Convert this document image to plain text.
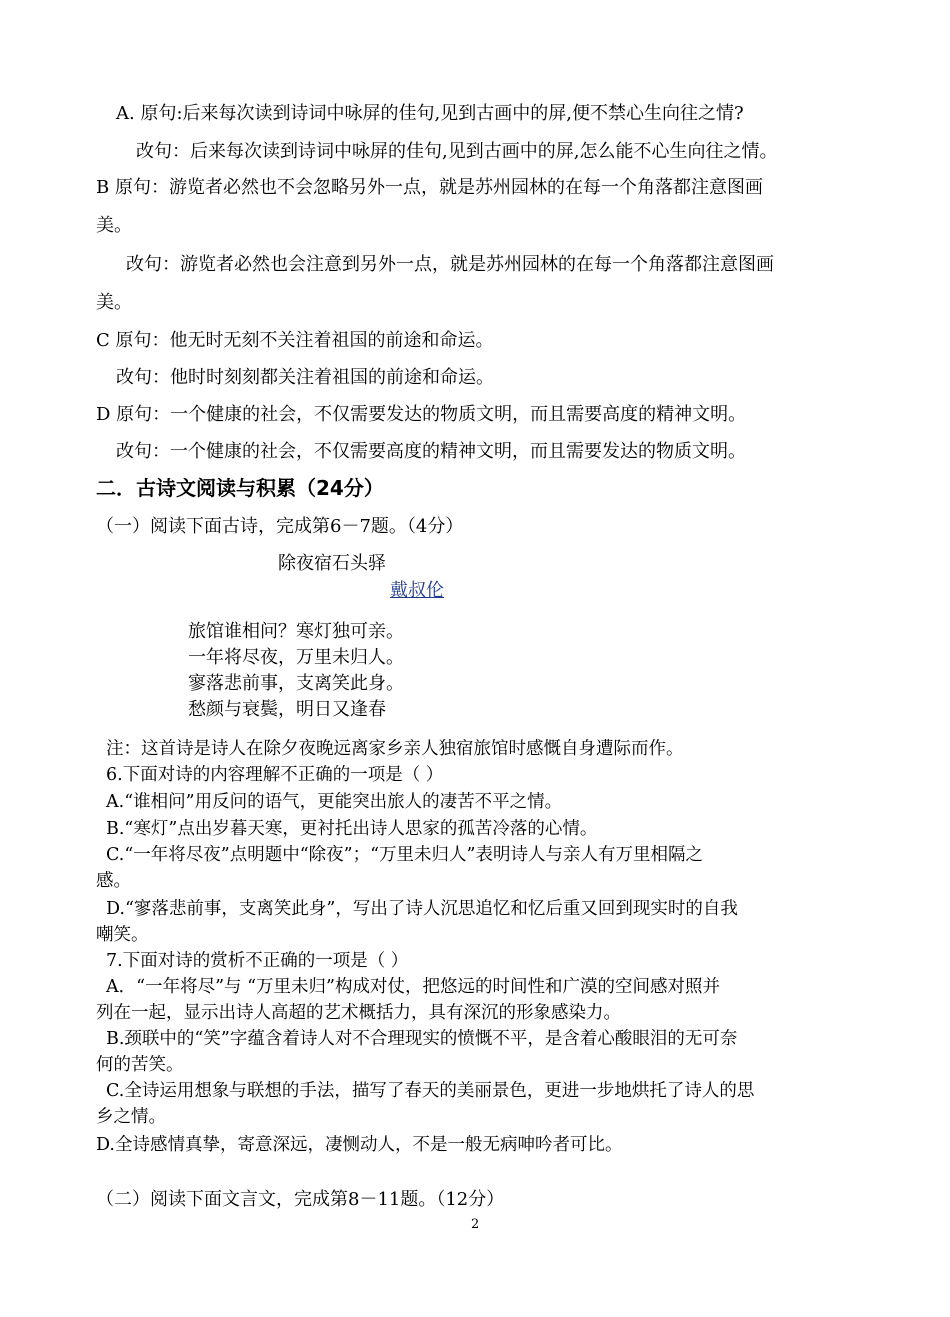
A. 原句:后来每次读到诗词中咏屏的佳句,见到古画中的屏,便不禁心生向往之情?
改句：后来每次读到诗词中咏屏的佳句,见到古画中的屏,怎么能不心生向往之情。
B 原句：游览者必然也不会忽略另外一点，就是苏州园林的在每一个角落都注意图画
美。
改句：游览者必然也会注意到另外一点，就是苏州园林的在每一个角落都注意图画
美。
C 原句：他无时无刻不关注着祖国的前途和命运。
改句：他时时刻刻都关注着祖国的前途和命运。
D 原句：一个健康的社会，不仅需要发达的物质文明，而且需要高度的精神文明。
改句：一个健康的社会，不仅需要高度的精神文明，而且需要发达的物质文明。
二．古诗文阅读与积累（24分）
（一）阅读下面古诗，完成第6－7题。（4分）
除夜宿石头驿
戴叔伦
旅馆谁相问？寒灯独可亲。
一年将尽夜，万里未归人。
寥落悲前事，支离笑此身。
愁颜与衰鬓，明日又逢春
注：这首诗是诗人在除夕夜晚远离家乡亲人独宿旅馆时感慨自身遭际而作。
6.下面对诗的内容理解不正确的一项是（ ）
A.“谁相问”用反问的语气，更能突出旅人的凄苦不平之情。
B.“寒灯”点出岁暮天寒，更衬托出诗人思家的孤苦冷落的心情。
C.“一年将尽夜”点明题中“除夜”；“万里未归人”表明诗人与亲人有万里相隔之
感。
D.“寥落悲前事，支离笑此身”，写出了诗人沉思追忆和忆后重又回到现实时的自我
嘲笑。
7.下面对诗的赏析不正确的一项是（ ）
A．“一年将尽”与 “万里未归”构成对仗，把悠远的时间性和广漠的空间感对照并
列在一起，显示出诗人高超的艺术概括力，具有深沉的形象感染力。
B.颈联中的“笑”字蕴含着诗人对不合理现实的愤慨不平，是含着心酸眼泪的无可奈
何的苦笑。
C.全诗运用想象与联想的手法，描写了春天的美丽景色，更进一步地烘托了诗人的思
乡之情。
D.全诗感情真挚，寄意深远，凄恻动人，不是一般无病呻吟者可比。
（二）阅读下面文言文，完成第8－11题。（12分）
2
